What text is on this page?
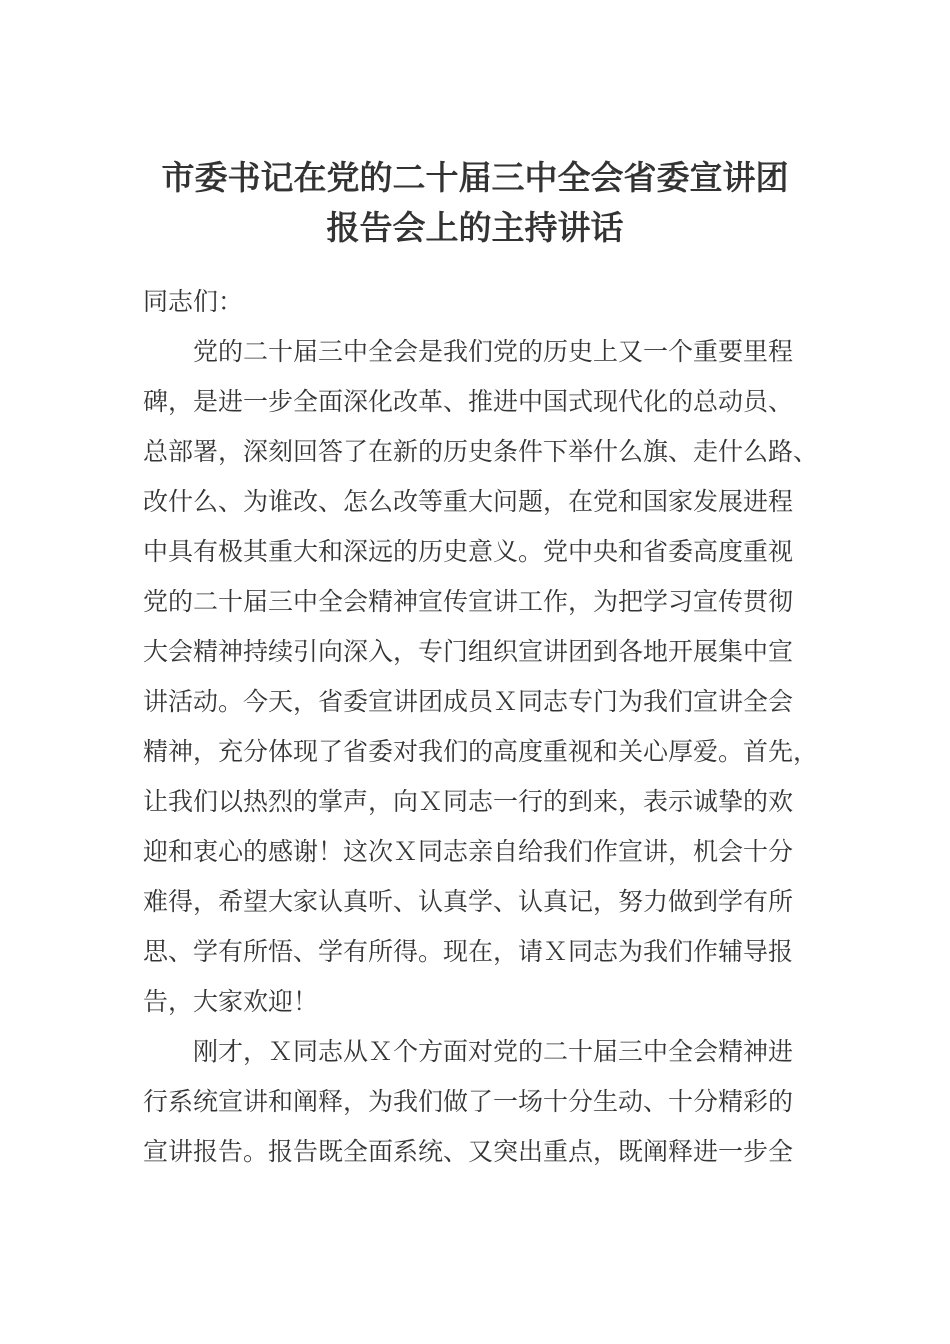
市委书记在党的二十届三中全会省委宣讲团
报告会上的主持讲话
同志们：
党的二十届三中全会是我们党的历史上又一个重要里程
碑，是进一步全面深化改革、推进中国式现代化的总动员、
总部署，深刻回答了在新的历史条件下举什么旗、走什么路、
改什么、为谁改、怎么改等重大问题，在党和国家发展进程
中具有极其重大和深远的历史意义。党中央和省委高度重视
党的二十届三中全会精神宣传宣讲工作，为把学习宣传贯彻
大会精神持续引向深入，专门组织宣讲团到各地开展集中宣
讲活动。今天，省委宣讲团成员Ｘ同志专门为我们宣讲全会
精神，充分体现了省委对我们的高度重视和关心厚爱。首先，
让我们以热烈的掌声，向Ｘ同志一行的到来，表示诚挚的欢
迎和衷心的感谢！这次Ｘ同志亲自给我们作宣讲，机会十分
难得，希望大家认真听、认真学、认真记，努力做到学有所
思、学有所悟、学有所得。现在，请Ｘ同志为我们作辅导报
告，大家欢迎！
刚才，Ｘ同志从Ｘ个方面对党的二十届三中全会精神进
行系统宣讲和阐释，为我们做了一场十分生动、十分精彩的
宣讲报告。报告既全面系统、又突出重点，既阐释进一步全
